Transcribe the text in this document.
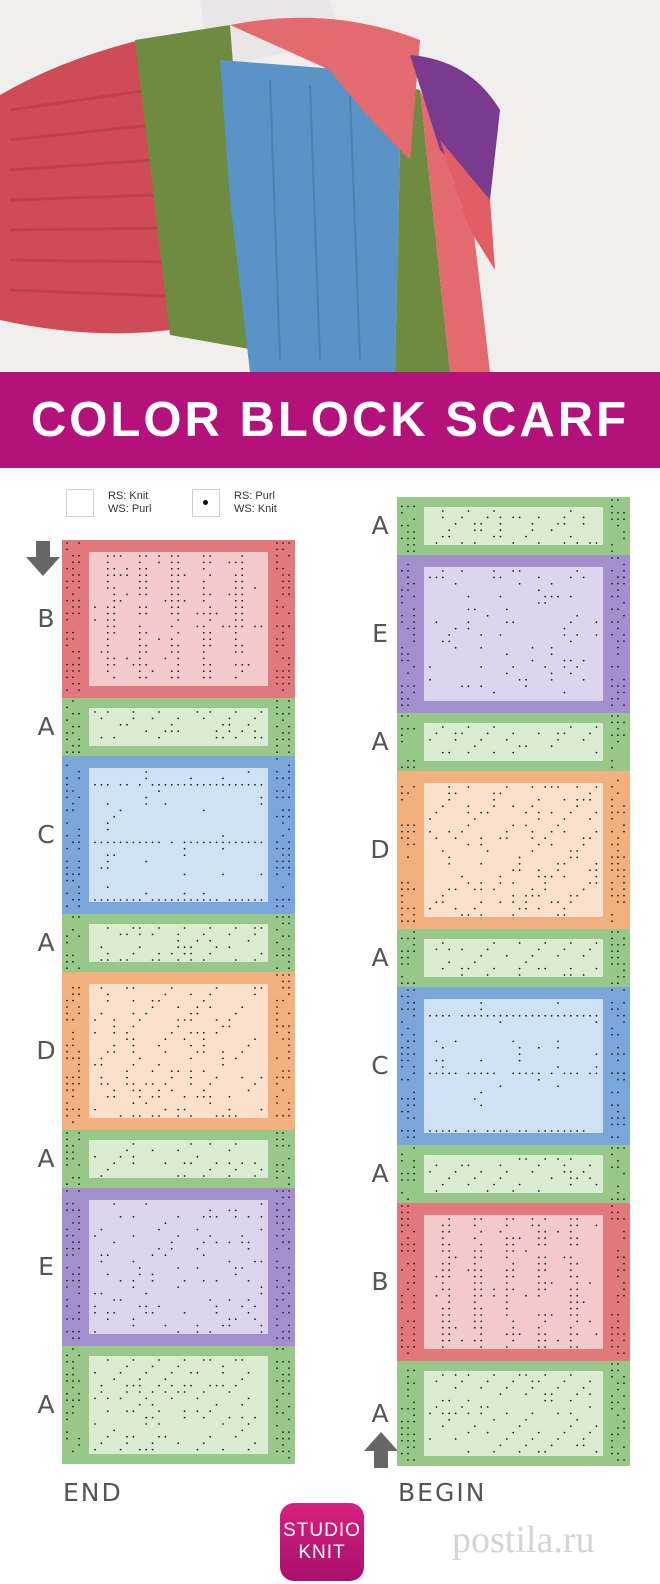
COLOR BLOCK SCARF
RS: Knit
WS: Purl
RS: Purl
WS: Knit
B
A
C
A
D
A
E
A
A
E
A
D
A
C
A
B
A
END	BEGIN
STUDIO
KNIT	postila.ru
